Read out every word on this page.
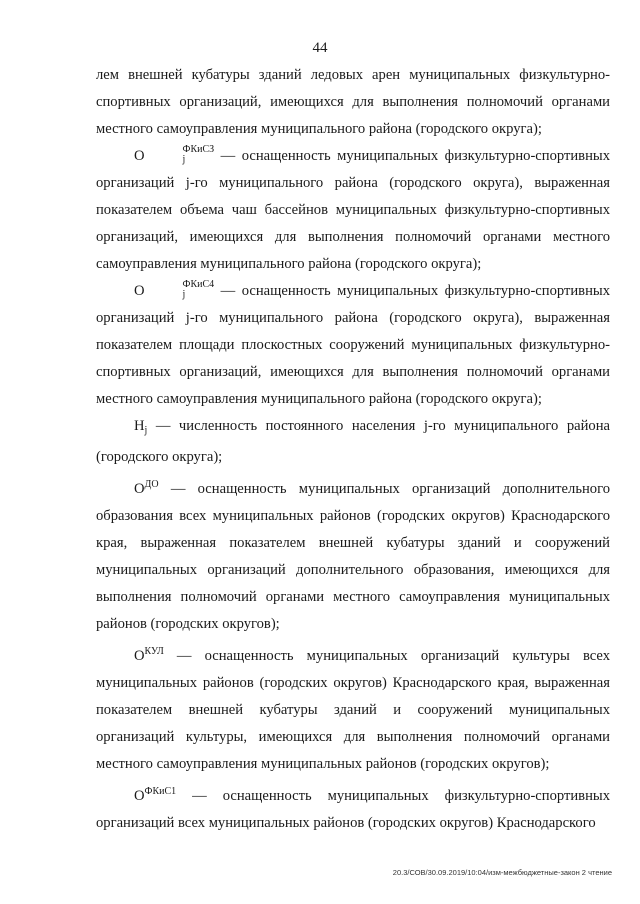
44

лем внешней кубатуры зданий ледовых арен муниципальных физкультурно-спортивных организаций, имеющихся для выполнения полномочий органами местного самоуправления муниципального района (городского округа);

O	ФКиСЗ
j	— оснащенность муниципальных физкультурно-спортивных организаций j-го муниципального района (городского округа), выраженная показателем объема чаш бассейнов муниципальных физкультурно-спортивных организаций, имеющихся для выполнения полномочий органами местного самоуправления муниципального района (городского округа);

O	ФКиС4
j	— оснащенность муниципальных физкультурно-спортивных организаций j-го муниципального района (городского округа), выраженная показателем площади плоскостных сооружений муниципальных физкультурно-спортивных организаций, имеющихся для выполнения полномочий органами местного самоуправления муниципального района (городского округа);

$H_j$ — численность постоянного населения j-го муниципального района (городского округа);

$O^{ДО}$ — оснащенность муниципальных организаций дополнительного образования всех муниципальных районов (городских округов) Краснодарского края, выраженная показателем внешней кубатуры зданий и сооружений муниципальных организаций дополнительного образования, имеющихся для выполнения полномочий органами местного самоуправления муниципальных районов (городских округов);

$O^{КУЛ}$ — оснащенность муниципальных организаций культуры всех муниципальных районов (городских округов) Краснодарского края, выраженная показателем внешней кубатуры зданий и сооружений муниципальных организаций культуры, имеющихся для выполнения полномочий органами местного самоуправления муниципальных районов (городских округов);

$O^{ФКиС1}$ — оснащенность муниципальных физкультурно-спортивных организаций всех муниципальных районов (городских округов) Краснодарского

20.3/СОВ/30.09.2019/10:04/изм-межбюджетные-закон 2 чтение
